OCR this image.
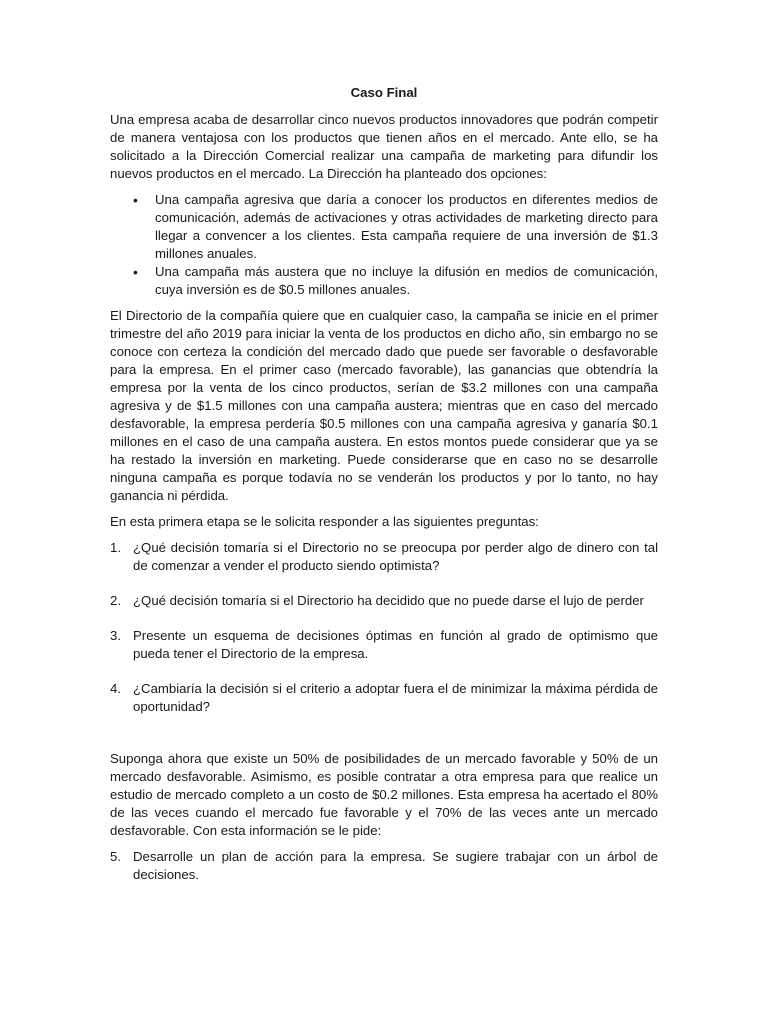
Caso Final

Una empresa acaba de desarrollar cinco nuevos productos innovadores que podrán competir de manera ventajosa con los productos que tienen años en el mercado. Ante ello, se ha solicitado a la Dirección Comercial realizar una campaña de marketing para difundir los nuevos productos en el mercado. La Dirección ha planteado dos opciones:

• Una campaña agresiva que daría a conocer los productos en diferentes medios de comunicación, además de activaciones y otras actividades de marketing directo para llegar a convencer a los clientes. Esta campaña requiere de una inversión de $1.3 millones anuales.
• Una campaña más austera que no incluye la difusión en medios de comunicación, cuya inversión es de $0.5 millones anuales.

El Directorio de la compañía quiere que en cualquier caso, la campaña se inicie en el primer trimestre del año 2019 para iniciar la venta de los productos en dicho año, sin embargo no se conoce con certeza la condición del mercado dado que puede ser favorable o desfavorable para la empresa. En el primer caso (mercado favorable), las ganancias que obtendría la empresa por la venta de los cinco productos, serían de $3.2 millones con una campaña agresiva y de $1.5 millones con una campaña austera; mientras que en caso del mercado desfavorable, la empresa perdería $0.5 millones con una campaña agresiva y ganaría $0.1 millones en el caso de una campaña austera. En estos montos puede considerar que ya se ha restado la inversión en marketing. Puede considerarse que en caso no se desarrolle ninguna campaña es porque todavía no se venderán los productos y por lo tanto, no hay ganancia ni pérdida.

En esta primera etapa se le solicita responder a las siguientes preguntas:

1. ¿Qué decisión tomaría si el Directorio no se preocupa por perder algo de dinero con tal de comenzar a vender el producto siendo optimista?
2. ¿Qué decisión tomaría si el Directorio ha decidido que no puede darse el lujo de perder
3. Presente un esquema de decisiones óptimas en función al grado de optimismo que pueda tener el Directorio de la empresa.
4. ¿Cambiaría la decisión si el criterio a adoptar fuera el de minimizar la máxima pérdida de oportunidad?

Suponga ahora que existe un 50% de posibilidades de un mercado favorable y 50% de un mercado desfavorable. Asimismo, es posible contratar a otra empresa para que realice un estudio de mercado completo a un costo de $0.2 millones. Esta empresa ha acertado el 80% de las veces cuando el mercado fue favorable y el 70% de las veces ante un mercado desfavorable. Con esta información se le pide:

5. Desarrolle un plan de acción para la empresa. Se sugiere trabajar con un árbol de decisiones.
